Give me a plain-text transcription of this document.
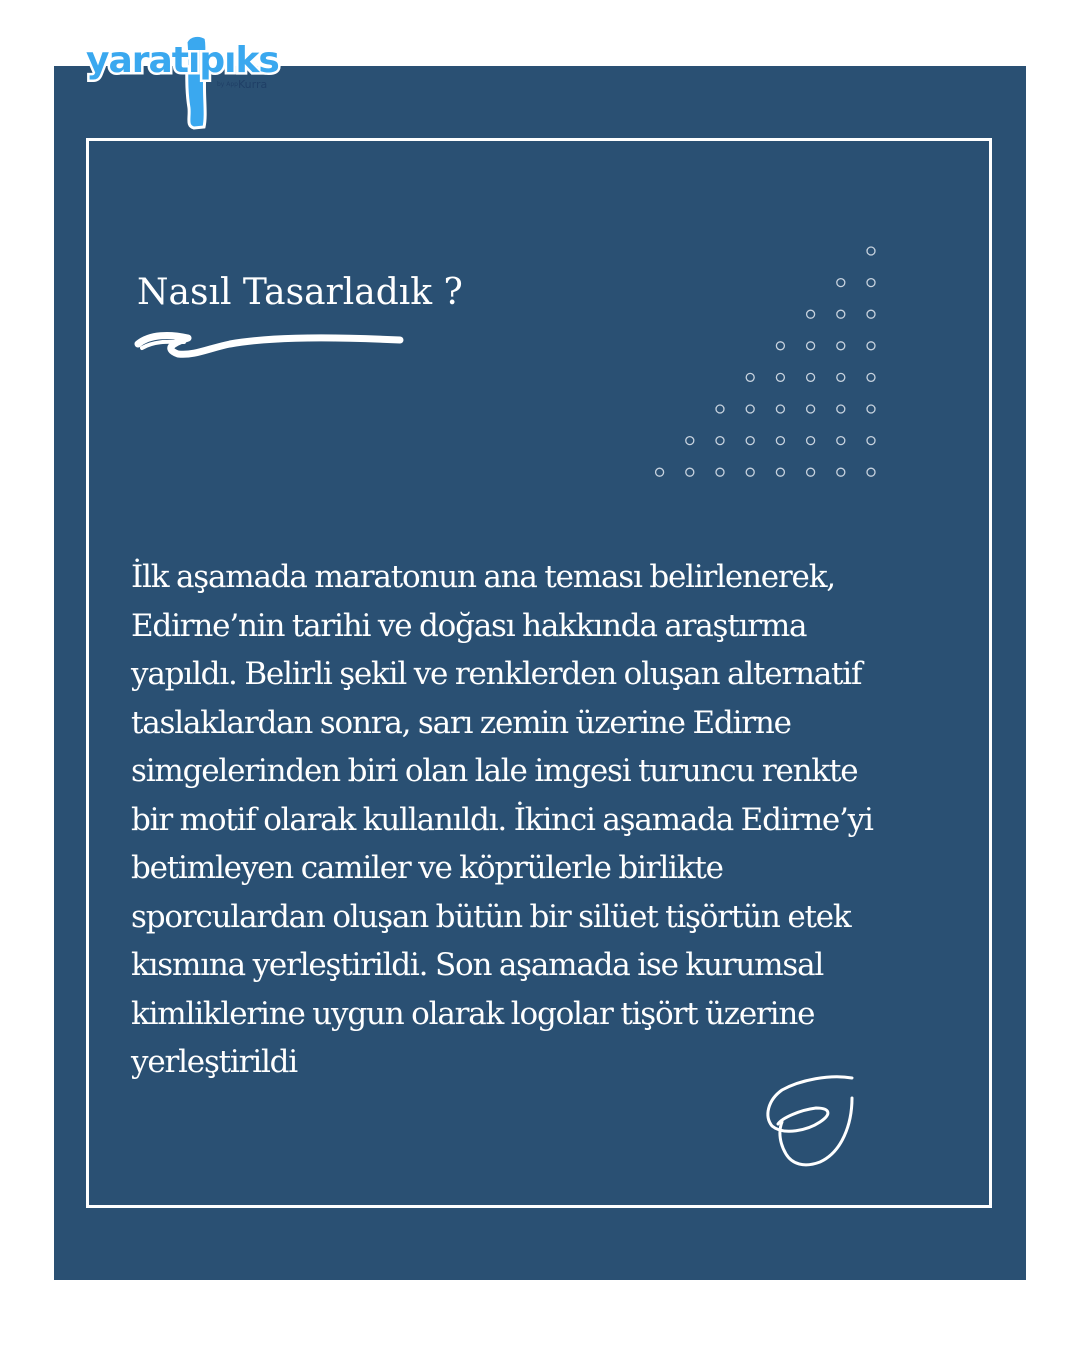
yaratıpıks
by App Kurra
Nasıl Tasarladık ?

İlk aşamada maratonun ana teması belirlenerek,
Edirne’nin tarihi ve doğası hakkında araştırma
yapıldı. Belirli şekil ve renklerden oluşan alternatif
taslaklardan sonra, sarı zemin üzerine Edirne
simgelerinden biri olan lale imgesi turuncu renkte
bir motif olarak kullanıldı. İkinci aşamada Edirne’yi
betimleyen camiler ve köprülerle birlikte
sporculardan oluşan bütün bir silüet tişörtün etek
kısmına yerleştirildi. Son aşamada ise kurumsal
kimliklerine uygun olarak logolar tişört üzerine
yerleştirildi
